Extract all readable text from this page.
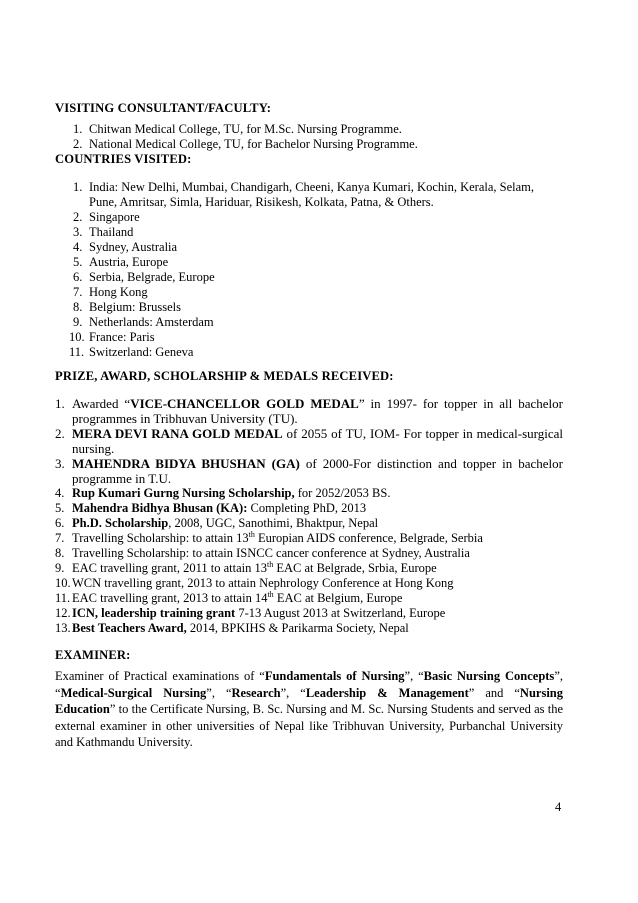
VISITING CONSULTANT/FACULTY:
1. Chitwan Medical College, TU, for M.Sc. Nursing Programme.
2. National Medical College, TU, for Bachelor Nursing Programme.
COUNTRIES VISITED:
1. India: New Delhi, Mumbai, Chandigarh, Cheeni, Kanya Kumari, Kochin, Kerala, Selam, Pune, Amritsar, Simla, Hariduar, Risikesh, Kolkata, Patna, & Others.
2. Singapore
3. Thailand
4. Sydney, Australia
5. Austria, Europe
6. Serbia, Belgrade, Europe
7. Hong Kong
8. Belgium: Brussels
9. Netherlands: Amsterdam
10. France: Paris
11. Switzerland: Geneva
PRIZE, AWARD, SCHOLARSHIP & MEDALS RECEIVED:
1. Awarded “VICE-CHANCELLOR GOLD MEDAL” in 1997- for topper in all bachelor programmes in Tribhuvan University (TU).
2. MERA DEVI RANA GOLD MEDAL of 2055 of TU, IOM- For topper in medical-surgical nursing.
3. MAHENDRA BIDYA BHUSHAN (GA) of 2000-For distinction and topper in bachelor programme in T.U.
4. Rup Kumari Gurng Nursing Scholarship, for 2052/2053 BS.
5. Mahendra Bidhya Bhusan (KA): Completing PhD, 2013
6. Ph.D. Scholarship, 2008, UGC, Sanothimi, Bhaktpur, Nepal
7. Travelling Scholarship: to attain 13th Europian AIDS conference, Belgrade, Serbia
8. Travelling Scholarship: to attain ISNCC cancer conference at Sydney, Australia
9. EAC travelling grant, 2011 to attain 13th EAC at Belgrade, Srbia, Europe
10. WCN travelling grant, 2013 to attain Nephrology Conference at Hong Kong
11. EAC travelling grant, 2013 to attain 14th EAC at Belgium, Europe
12. ICN, leadership training grant 7-13 August 2013 at Switzerland, Europe
13. Best Teachers Award, 2014, BPKIHS & Parikarma Society, Nepal
EXAMINER:

Examiner of Practical examinations of “Fundamentals of Nursing”, “Basic Nursing Concepts”, “Medical-Surgical Nursing”, “Research”, “Leadership & Management” and “Nursing Education” to the Certificate Nursing, B. Sc. Nursing and M. Sc. Nursing Students and served as the external examiner in other universities of Nepal like Tribhuvan University, Purbanchal University and Kathmandu University.

4
